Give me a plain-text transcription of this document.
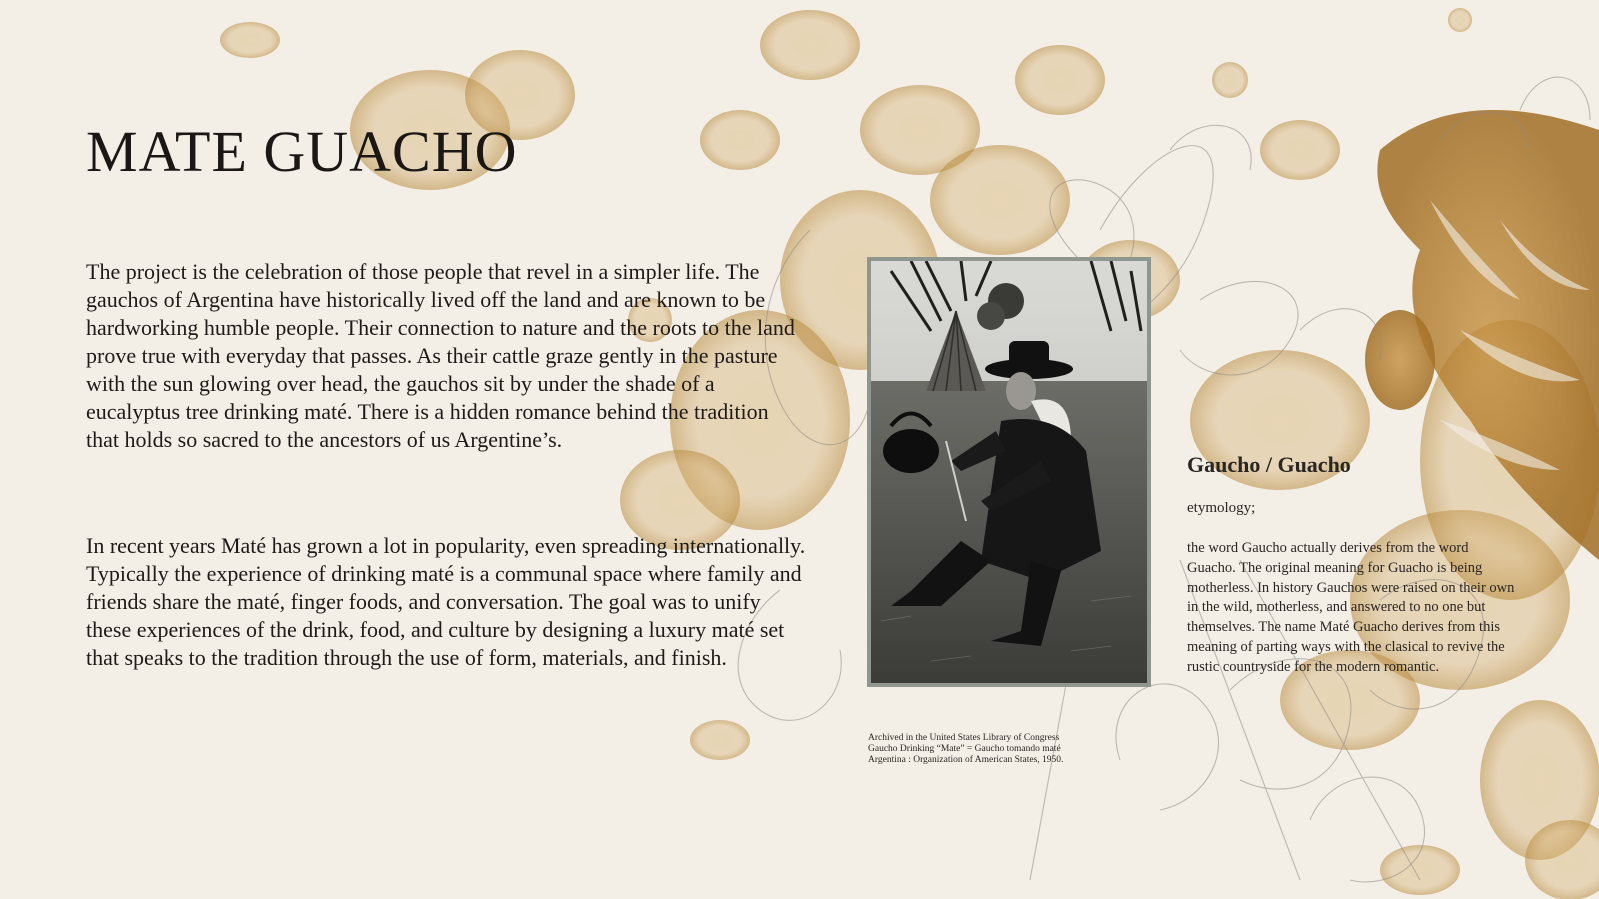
MATE GUACHO

The project is the celebration of those people that revel in a simpler life. The gauchos of Argentina have historically lived off the land and are known to be hardworking humble people. Their connection to nature and the roots to the land prove true with everyday that passes. As their cattle graze gently in the pasture with the sun glowing over head, the gauchos sit by under the shade of a eucalyptus tree drinking maté. There is a hidden romance behind the tradition that holds so sacred to the ancestors of us Argentine’s.

In recent years Maté has grown a lot in popularity, even spreading internationally. Typically the experience of drinking maté is a communal space where family and friends share the maté, finger foods, and conversation. The goal was to unify these experiences of the drink, food, and culture by designing a luxury maté set that speaks to the tradition through the use of form, materials, and finish.

Archived in the United States Library of Congress
Gaucho Drinking “Mate” = Gaucho tomando maté
Argentina : Organization of American States, 1950.
Gaucho / Guacho

etymology;

the word Gaucho actually derives from the word Guacho. The original meaning for Guacho is being motherless. In history Gauchos were raised on their own in the wild, motherless, and answered to no one but themselves. The name Maté Guacho derives from this meaning of parting ways with the clasical to revive the rustic countryside for the modern romantic.
